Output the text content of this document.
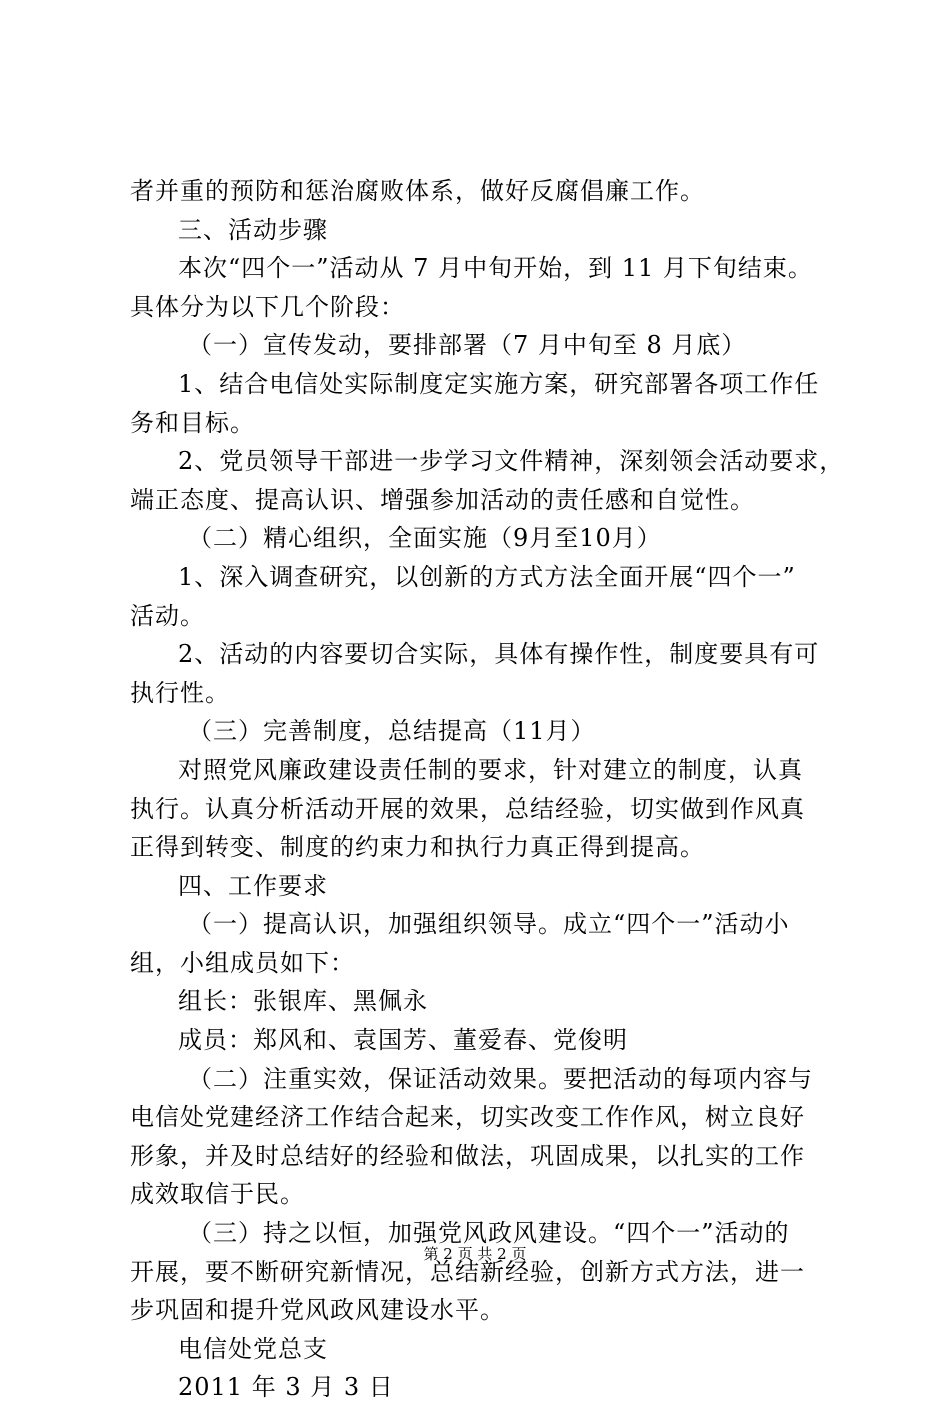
者并重的预防和惩治腐败体系，做好反腐倡廉工作。
三、活动步骤
本次“四个一”活动从 7 月中旬开始，到 11 月下旬结束。
具体分为以下几个阶段：
（一）宣传发动，要排部署（7 月中旬至 8 月底）
1、结合电信处实际制度定实施方案，研究部署各项工作任
务和目标。
2、党员领导干部进一步学习文件精神，深刻领会活动要求，
端正态度、提高认识、增强参加活动的责任感和自觉性。
（二）精心组织，全面实施（9月至10月）
1、深入调查研究，以创新的方式方法全面开展“四个一”
活动。
2、活动的内容要切合实际，具体有操作性，制度要具有可
执行性。
（三）完善制度，总结提高（11月）
对照党风廉政建设责任制的要求，针对建立的制度，认真
执行。认真分析活动开展的效果，总结经验，切实做到作风真
正得到转变、制度的约束力和执行力真正得到提高。
四、工作要求
（一）提高认识，加强组织领导。成立“四个一”活动小
组，小组成员如下：
组长：张银库、黑佩永
成员：郑风和、袁国芳、董爱春、党俊明
（二）注重实效，保证活动效果。要把活动的每项内容与
电信处党建经济工作结合起来，切实改变工作作风，树立良好
形象，并及时总结好的经验和做法，巩固成果，以扎实的工作
成效取信于民。
（三）持之以恒，加强党风政风建设。“四个一”活动的
开展，要不断研究新情况，总结新经验，创新方式方法，进一
步巩固和提升党风政风建设水平。
电信处党总支
2011 年 3 月 3 日
第 2 页 共 2 页
